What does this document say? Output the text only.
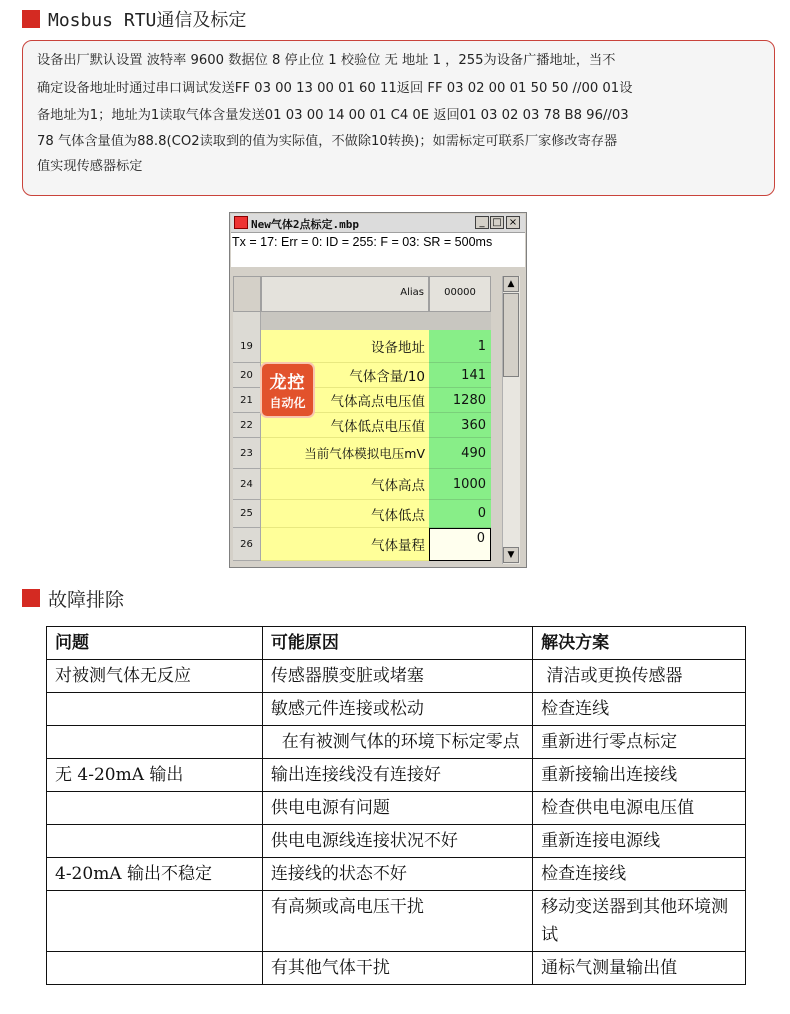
Mosbus RTU通信及标定
设备出厂默认设置 波特率 9600 数据位 8 停止位 1 校验位 无 地址 1 ，255为设备广播地址，当不
确定设备地址时通过串口调试发送FF 03 00 13 00 01 60 11返回 FF 03 02 00 01 50 50 //00 01设
备地址为1；地址为1读取气体含量发送01 03 00 14 00 01 C4 0E 返回01 03 02 03 78 B8 96//03
78 气体含量值为88.8(CO2读取到的值为实际值，不做除10转换)；如需标定可联系厂家修改寄存器
值实现传感器标定
New气体2点标定.mbp	_ □ ×
Tx = 17: Err = 0: ID = 255: F = 03: SR = 500ms
Alias	00000
19	设备地址	1
20	气体含量/10	141
21	气体高点电压值	1280
22	气体低点电压值	360
23	当前气体模拟电压mV	490
24	气体高点	1000
25	气体低点	0
26	气体量程	0
▲
▼
龙控
自动化
故障排除
问题	可能原因	解决方案
对被测气体无反应	传感器膜变脏或堵塞	清洁或更换传感器
	敏感元件连接或松动	检查连线
	在有被测气体的环境下标定零点	重新进行零点标定
无 4-20mA 输出	输出连接线没有连接好	重新接输出连接线
	供电电源有问题	检查供电电源电压值
	供电电源线连接状况不好	重新连接电源线
4-20mA 输出不稳定	连接线的状态不好	检查连接线
	有高频或高电压干扰	移动变送器到其他环境测试
	有其他气体干扰	通标气测量输出值
